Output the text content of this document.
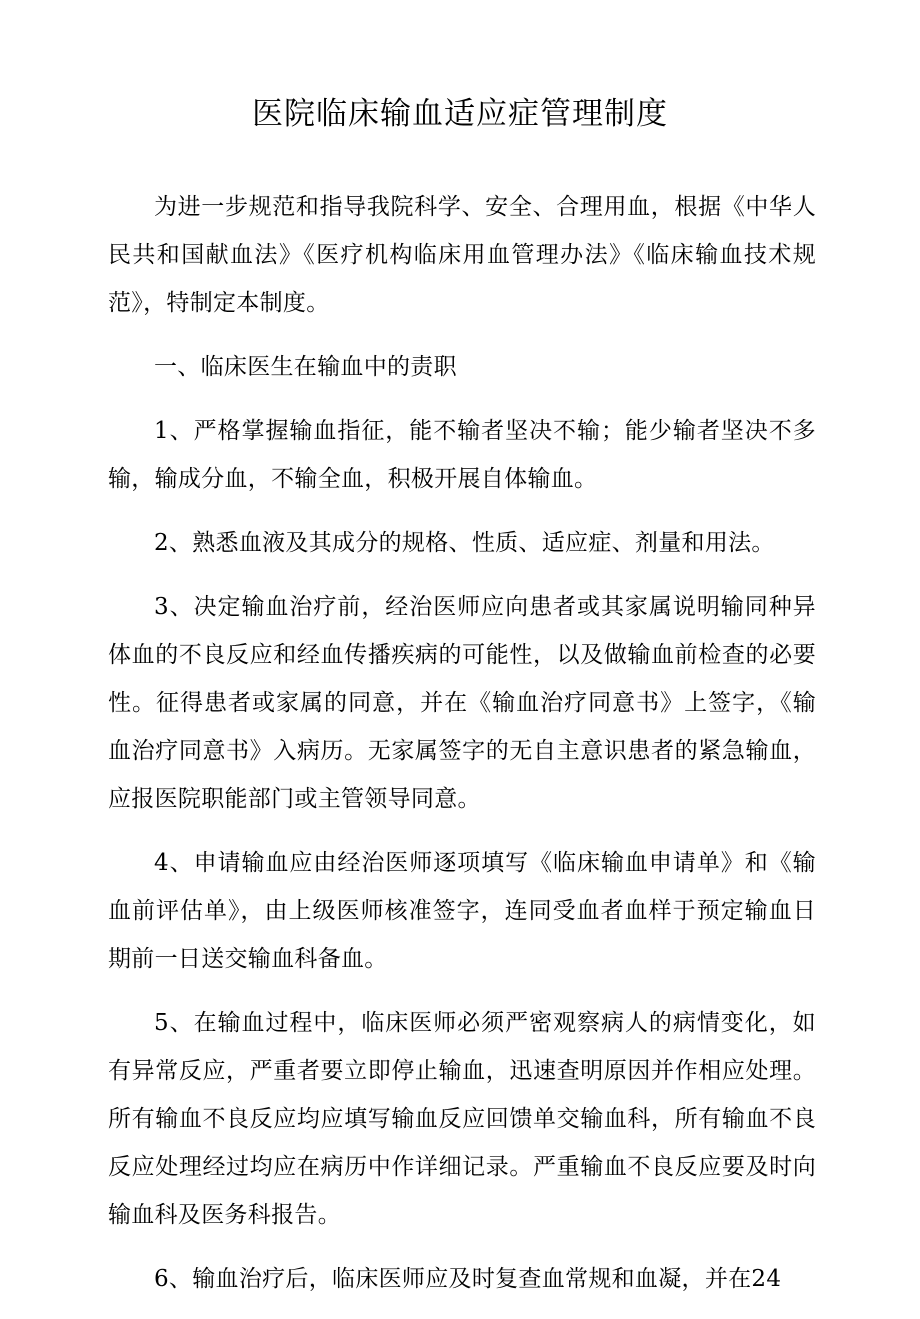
医院临床输血适应症管理制度

为进一步规范和指导我院科学、安全、合理用血，根据《中华人民共和国献血法》《医疗机构临床用血管理办法》《临床输血技术规范》，特制定本制度。

一、临床医生在输血中的责职

1、严格掌握输血指征，能不输者坚决不输；能少输者坚决不多输，输成分血，不输全血，积极开展自体输血。

2、熟悉血液及其成分的规格、性质、适应症、剂量和用法。

3、决定输血治疗前，经治医师应向患者或其家属说明输同种异体血的不良反应和经血传播疾病的可能性，以及做输血前检查的必要性。征得患者或家属的同意，并在《输血治疗同意书》上签字，《输血治疗同意书》入病历。无家属签字的无自主意识患者的紧急输血，应报医院职能部门或主管领导同意。

4、申请输血应由经治医师逐项填写《临床输血申请单》和《输血前评估单》，由上级医师核准签字，连同受血者血样于预定输血日期前一日送交输血科备血。

5、在输血过程中，临床医师必须严密观察病人的病情变化，如有异常反应，严重者要立即停止输血，迅速查明原因并作相应处理。所有输血不良反应均应填写输血反应回馈单交输血科，所有输血不良反应处理经过均应在病历中作详细记录。严重输血不良反应要及时向输血科及医务科报告。

6、输血治疗后，临床医师应及时复查血常规和血凝，并在24
